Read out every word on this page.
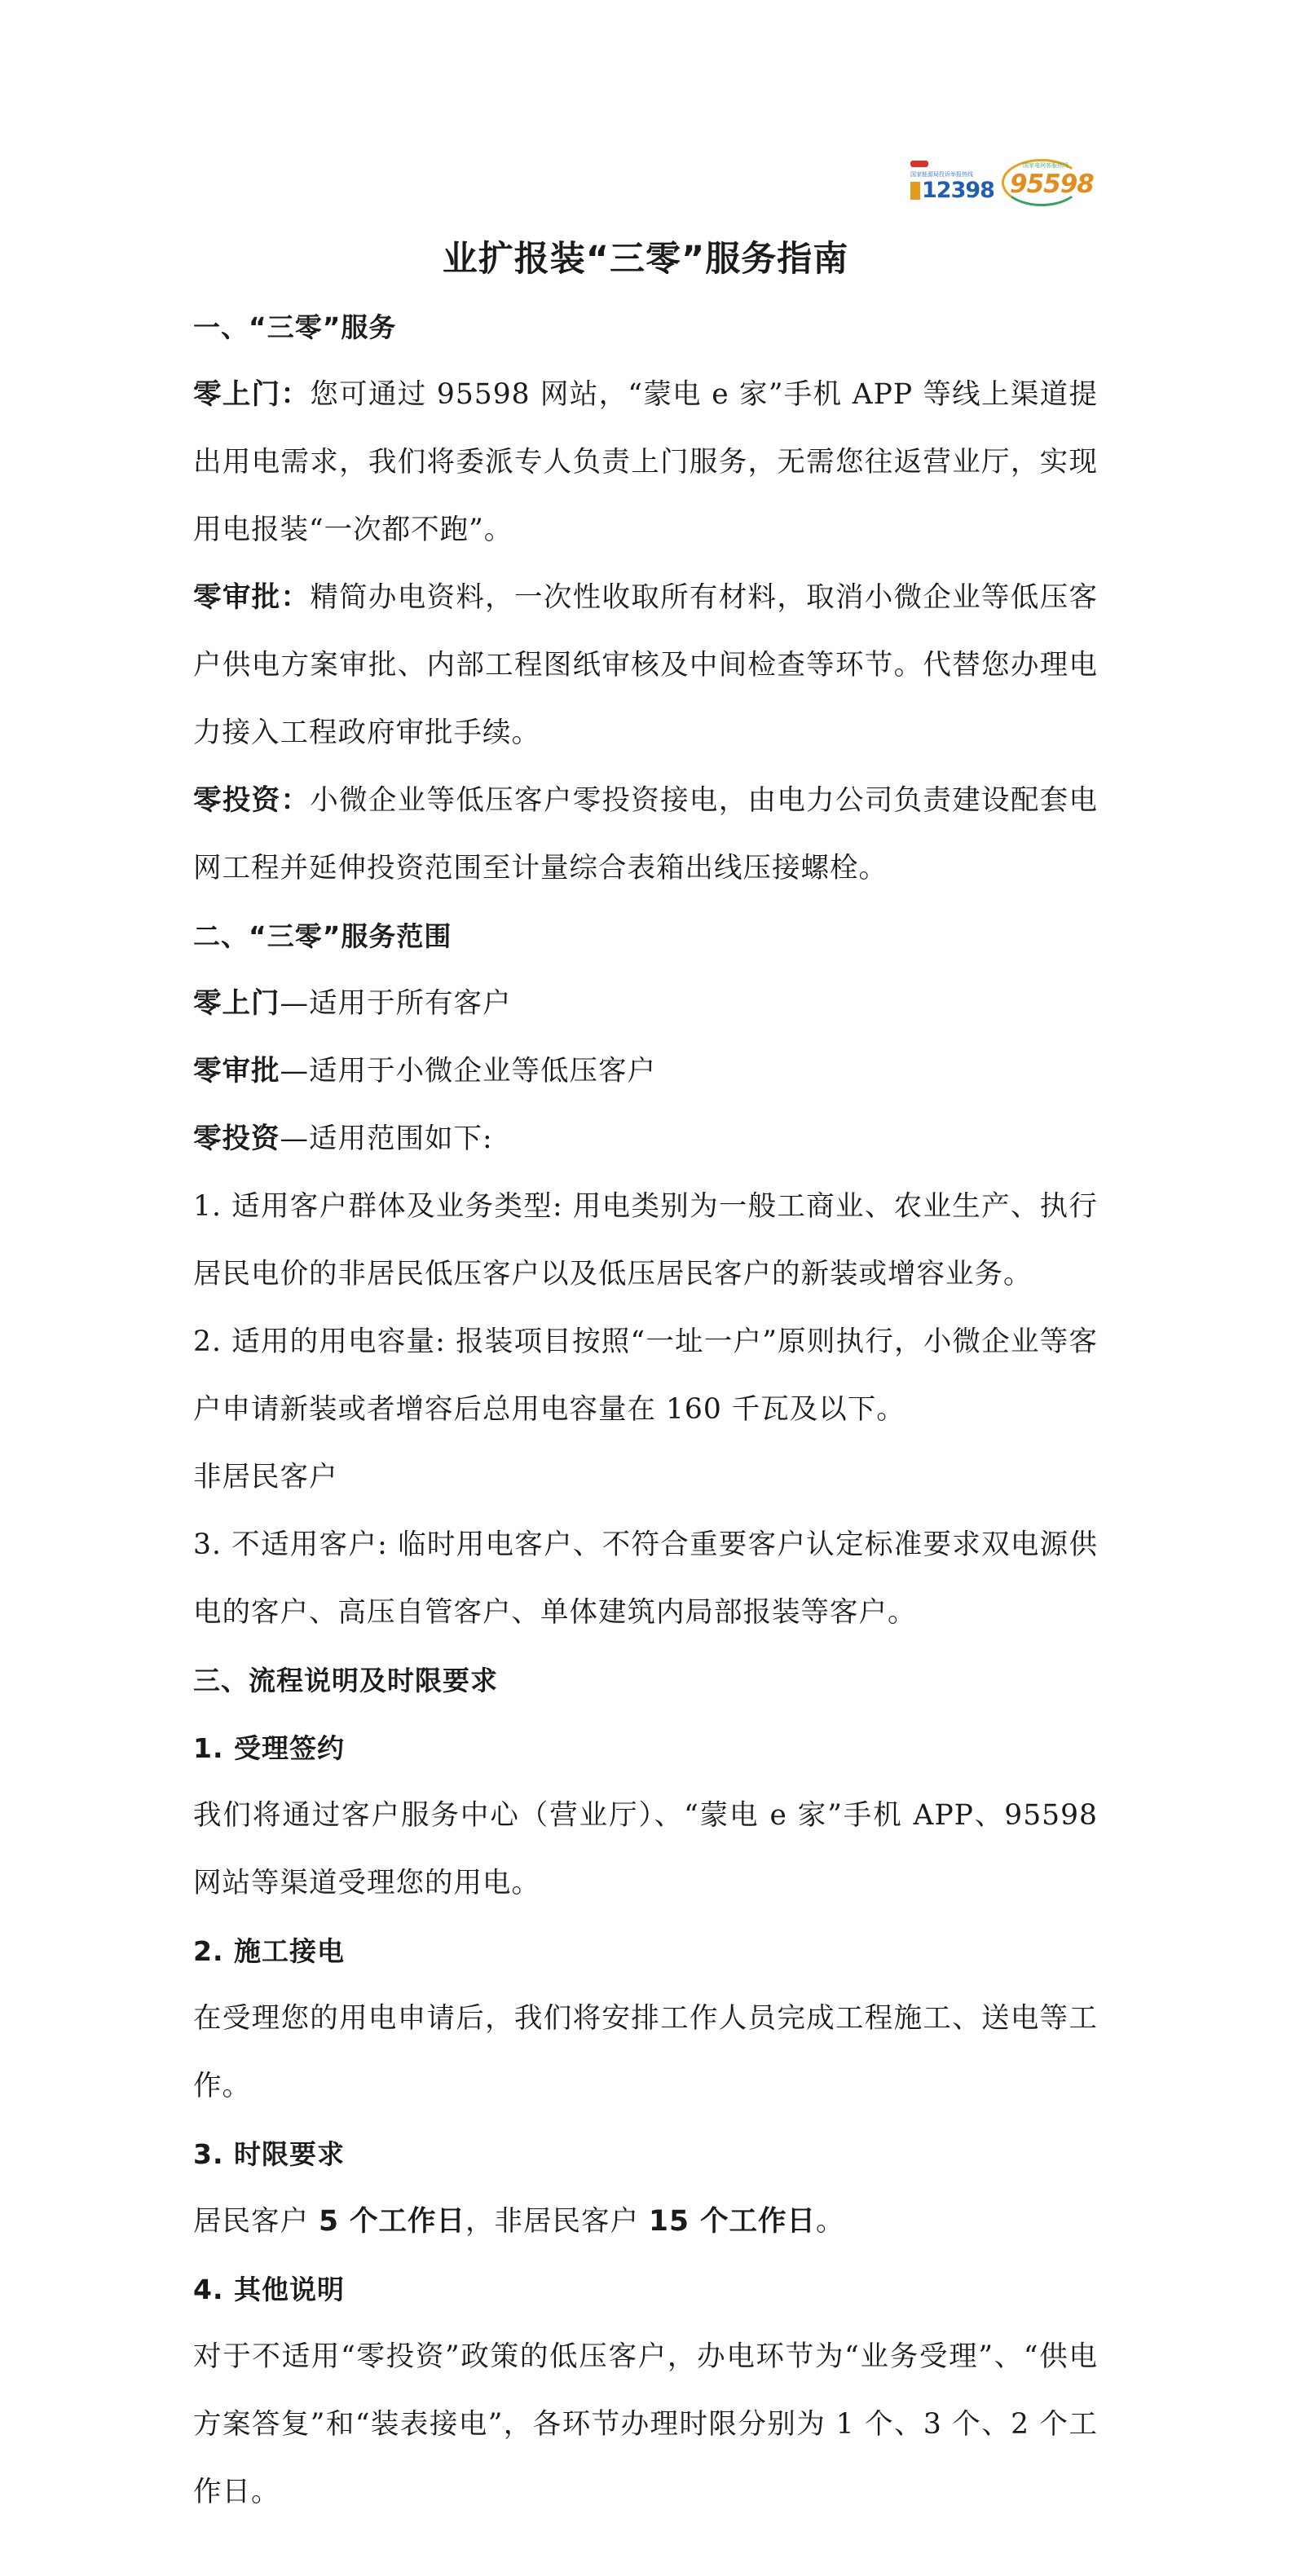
国家能源局投诉举报热线
12398
国家电网客服热线
95598
业扩报装“三零”服务指南

一、“三零”服务

零上门：您可通过 95598 网站，“蒙电 e 家”手机 APP 等线上渠道提出用电需求，我们将委派专人负责上门服务，无需您往返营业厅，实现用电报装“一次都不跑”。

零审批：精简办电资料，一次性收取所有材料，取消小微企业等低压客户供电方案审批、内部工程图纸审核及中间检查等环节。代替您办理电力接入工程政府审批手续。

零投资：小微企业等低压客户零投资接电，由电力公司负责建设配套电网工程并延伸投资范围至计量综合表箱出线压接螺栓。

二、“三零”服务范围

零上门—适用于所有客户

零审批—适用于小微企业等低压客户

零投资—适用范围如下:

1. 适用客户群体及业务类型: 用电类别为一般工商业、农业生产、执行居民电价的非居民低压客户以及低压居民客户的新装或增容业务。

2. 适用的用电容量: 报装项目按照“一址一户”原则执行，小微企业等客户申请新装或者增容后总用电容量在 160 千瓦及以下。

非居民客户

3. 不适用客户: 临时用电客户、不符合重要客户认定标准要求双电源供电的客户、高压自管客户、单体建筑内局部报装等客户。

三、流程说明及时限要求

1. 受理签约

我们将通过客户服务中心（营业厅）、“蒙电 e 家”手机 APP、95598 网站等渠道受理您的用电。

2. 施工接电

在受理您的用电申请后，我们将安排工作人员完成工程施工、送电等工作。

3. 时限要求

居民客户 5 个工作日，非居民客户 15 个工作日。

4. 其他说明

对于不适用“零投资”政策的低压客户，办电环节为“业务受理”、“供电方案答复”和“装表接电”，各环节办理时限分别为 1 个、3 个、2 个工作日。
